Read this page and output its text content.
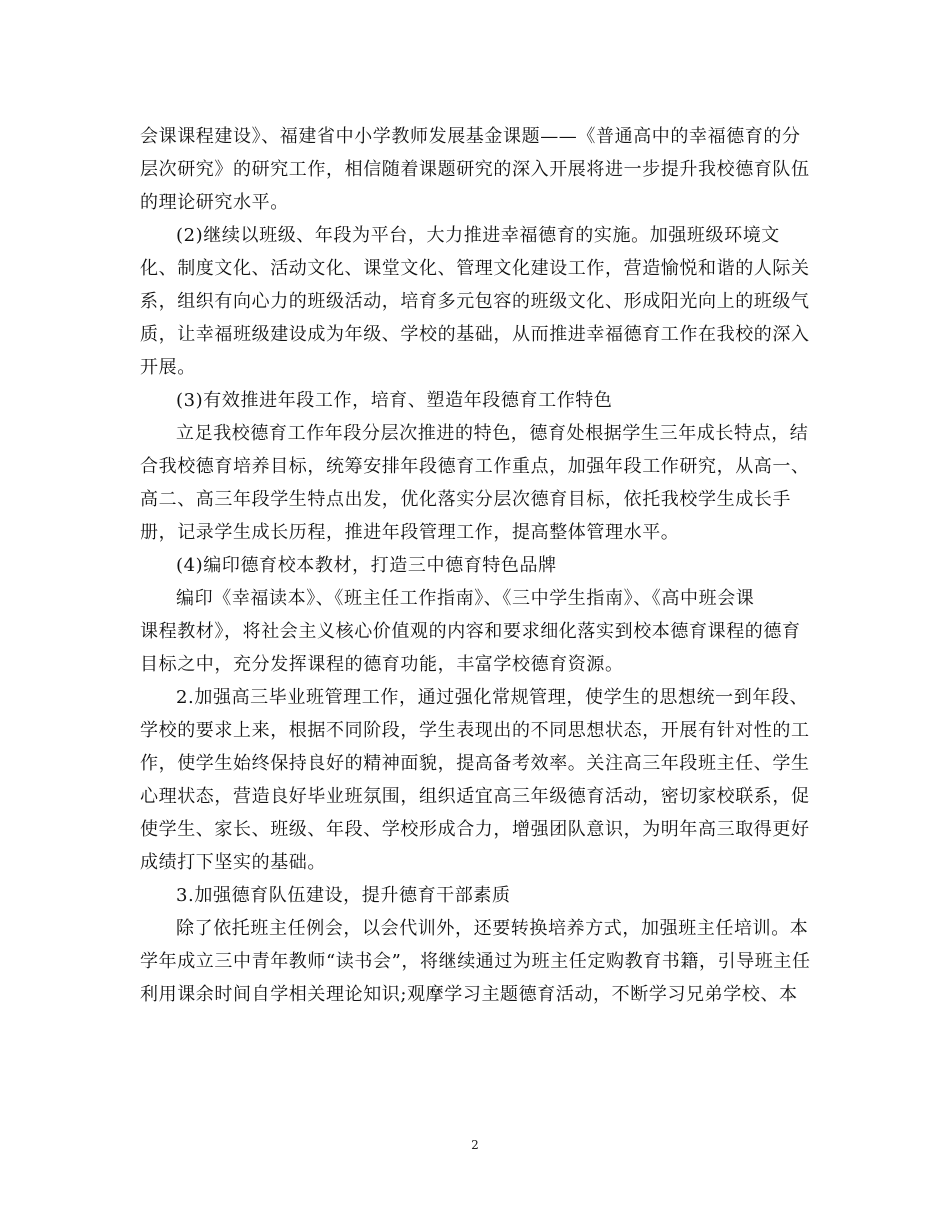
会课课程建设》、福建省中小学教师发展基金课题——《普通高中的幸福德育的分
层次研究》的研究工作，相信随着课题研究的深入开展将进一步提升我校德育队伍
的理论研究水平。
(2)继续以班级、年段为平台，大力推进幸福德育的实施。加强班级环境文
化、制度文化、活动文化、课堂文化、管理文化建设工作，营造愉悦和谐的人际关
系，组织有向心力的班级活动，培育多元包容的班级文化、形成阳光向上的班级气
质，让幸福班级建设成为年级、学校的基础，从而推进幸福德育工作在我校的深入
开展。
(3)有效推进年段工作，培育、塑造年段德育工作特色
立足我校德育工作年段分层次推进的特色，德育处根据学生三年成长特点，结
合我校德育培养目标，统筹安排年段德育工作重点，加强年段工作研究，从高一、
高二、高三年段学生特点出发，优化落实分层次德育目标，依托我校学生成长手
册，记录学生成长历程，推进年段管理工作，提高整体管理水平。
(4)编印德育校本教材，打造三中德育特色品牌
编印《幸福读本》、《班主任工作指南》、《三中学生指南》、《高中班会课
课程教材》，将社会主义核心价值观的内容和要求细化落实到校本德育课程的德育
目标之中，充分发挥课程的德育功能，丰富学校德育资源。
2.加强高三毕业班管理工作，通过强化常规管理，使学生的思想统一到年段、
学校的要求上来，根据不同阶段，学生表现出的不同思想状态，开展有针对性的工
作，使学生始终保持良好的精神面貌，提高备考效率。关注高三年段班主任、学生
心理状态，营造良好毕业班氛围，组织适宜高三年级德育活动，密切家校联系，促
使学生、家长、班级、年段、学校形成合力，增强团队意识，为明年高三取得更好
成绩打下坚实的基础。
3.加强德育队伍建设，提升德育干部素质
除了依托班主任例会，以会代训外，还要转换培养方式，加强班主任培训。本
学年成立三中青年教师“读书会”，将继续通过为班主任定购教育书籍，引导班主任
利用课余时间自学相关理论知识;观摩学习主题德育活动，不断学习兄弟学校、本
2
